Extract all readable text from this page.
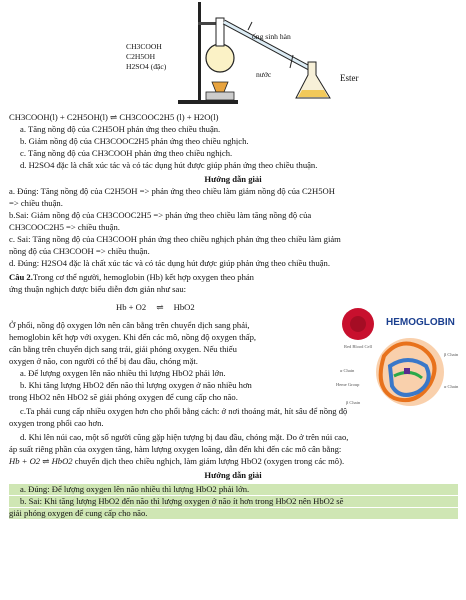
CH3COOH
C2H5OH
H2SO4 (đặc)
ống sinh hàn
nước	Ester
CH3COOH(l) + C2H5OH(l) ⇌ CH3COOC2H5 (l) + H2O(l)
a. Tăng nồng độ của C2H5OH phản ứng theo chiều thuận.
b. Giảm nồng độ của CH3COOC2H5 phản ứng theo chiều nghịch.
c. Tăng nồng độ của CH3COOH phản ứng theo chiều nghịch.
d. H2SO4 đặc là chất xúc tác và có tác dụng hút được giúp phản ứng theo chiều thuận.
Hướng dẫn giải
a. Đúng: Tăng nồng độ của C2H5OH => phản ứng theo chiều làm giảm nồng độ của C2H5OH
=> chiều thuận.
b.Sai: Giảm nồng độ của CH3COOC2H5 => phản ứng theo chiều làm tăng nồng độ của
CH3COOC2H5 => chiều thuận.
c. Sai: Tăng nồng độ của CH3COOH phản ứng theo chiều nghịch phản ứng theo chiều làm giảm
nồng độ của CH3COOH => chiều thuận.
d. Đúng: H2SO4 đặc là chất xúc tác và có tác dụng hút được giúp phản ứng theo chiều thuận.
Câu 2.Trong cơ thể người, hemoglobin (Hb) kết hợp oxygen theo phản
ứng thuận nghịch được biểu diễn đơn giản như sau:
Hb + O2 ⇌ HbO2
Ở phổi, nồng độ oxygen lớn nên cân bằng trên chuyển dịch sang phải,
hemoglobin kết hợp với oxygen. Khi đến các mô, nồng độ oxygen thấp,
cân bằng trên chuyển dịch sang trái, giải phóng oxygen. Nếu thiếu
oxygen ở não, con người có thể bị đau đầu, chóng mặt.
a. Để lượng oxygen lên não nhiều thì lượng HbO2 phải lớn.
b. Khi tăng lượng HbO2 đến não thì lượng oxygen ở não nhiều hơn
trong HbO2 nên HbO2 sẽ giải phóng oxygen để cung cấp cho não.
c.Ta phải cung cấp nhiều oxygen hơn cho phổi bằng cách: ở nơi thoáng mát, hít sâu để nồng độ
oxygen trong phổi cao hơn.
d. Khi lên núi cao, một số người cũng gặp hiện tượng bị đau đầu, chóng mặt. Do ở trên núi cao,
áp suất riêng phần của oxygen tăng, hàm lượng oxygen loãng, dẫn đến khi đến các mô cân bằng:
Hb + O2 ⇌ HbO2 chuyển dịch theo chiều nghịch, làm giảm lượng HbO2 (oxygen trong các mô).
HEMOGLOBIN
Red Blood Cell
β Chain
α Chain
Heme Group	α Chain
β Chain
Hướng dẫn giải
a. Đúng: Để lượng oxygen lên não nhiều thì lượng HbO2 phải lớn.
b. Sai: Khi tăng lượng HbO2 đến não thì lượng oxygen ở não ít hơn trong HbO2 nên HbO2 sẽ
giải phóng oxygen để cung cấp cho não.
